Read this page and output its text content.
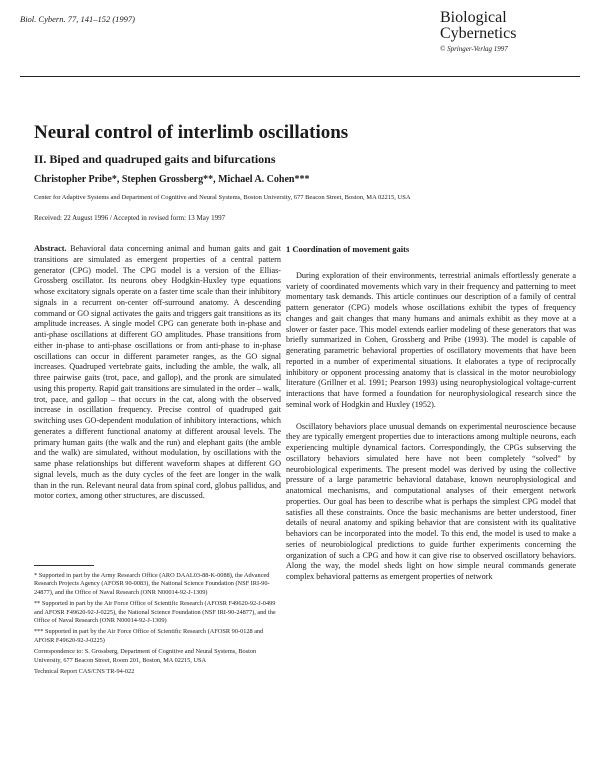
Biol. Cybern. 77, 141–152 (1997)	Biological
Cybernetics
© Springer-Verlag 1997
Neural control of interlimb oscillations
II. Biped and quadruped gaits and bifurcations
Christopher Pribe*, Stephen Grossberg**, Michael A. Cohen***
Center for Adaptive Systems and Department of Cognitive and Neural Systems, Boston University, 677 Beacon Street, Boston, MA 02215, USA
Received: 22 August 1996 / Accepted in revised form: 13 May 1997

Abstract. Behavioral data concerning animal and human gaits and gait transitions are simulated as emergent properties of a central pattern generator (CPG) model. The CPG model is a version of the Ellias-Grossberg oscillator. Its neurons obey Hodgkin-Huxley type equations whose excitatory signals operate on a faster time scale than their inhibitory signals in a recurrent on-center off-surround anatomy. A descending command or GO signal activates the gaits and triggers gait transitions as its amplitude increases. A single model CPG can generate both in-phase and anti-phase oscillations at different GO amplitudes. Phase transitions from either in-phase to anti-phase oscillations or from anti-phase to in-phase oscillations can occur in different parameter ranges, as the GO signal increases. Quadruped vertebrate gaits, including the amble, the walk, all three pairwise gaits (trot, pace, and gallop), and the pronk are simulated using this property. Rapid gait transitions are simulated in the order – walk, trot, pace, and gallop – that occurs in the cat, along with the observed increase in oscillation frequency. Precise control of quadruped gait switching uses GO-dependent modulation of inhibitory interactions, which generates a different functional anatomy at different arousal levels. The primary human gaits (the walk and the run) and elephant gaits (the amble and the walk) are simulated, without modulation, by oscillations with the same phase relationships but different waveform shapes at different GO signal levels, much as the duty cycles of the feet are longer in the walk than in the run. Relevant neural data from spinal cord, globus pallidus, and motor cortex, among other structures, are discussed.

1 Coordination of movement gaits

During exploration of their environments, terrestrial animals effortlessly generate a variety of coordinated movements which vary in their frequency and patterning to meet momentary task demands. This article continues our description of a family of central pattern generator (CPG) models whose oscillations exhibit the types of frequency changes and gait changes that many humans and animals exhibit as they move at a slower or faster pace. This model extends earlier modeling of these generators that was briefly summarized in Cohen, Grossberg and Pribe (1993). The model is capable of generating parametric behavioral properties of oscillatory movements that have been reported in a number of experimental situations. It elaborates a type of reciprocally inhibitory or opponent processing anatomy that is classical in the motor neurobiology literature (Grillner et al. 1991; Pearson 1993) using neurophysiological voltage-current interactions that have formed a foundation for neurophysiological research since the seminal work of Hodgkin and Huxley (1952).

Oscillatory behaviors place unusual demands on experimental neuroscience because they are typically emergent properties due to interactions among multiple neurons, each experiencing multiple dynamical factors. Correspondingly, the CPGs subserving the oscillatory behaviors simulated here have not been completely “solved” by neurobiological experiments. The present model was derived by using the collective pressure of a large parametric behavioral database, known neurophysiological and anatomical mechanisms, and computational analyses of their emergent network properties. Our goal has been to describe what is perhaps the simplest CPG model that satisfies all these constraints. Once the basic mechanisms are better understood, finer details of neural anatomy and spiking behavior that are consistent with its qualitative behaviors can be incorporated into the model. To this end, the model is used to make a series of neurobiological predictions to guide further experiments concerning the organization of such a CPG and how it can give rise to observed oscillatory behaviors. Along the way, the model sheds light on how simple neural commands generate complex behavioral patterns as emergent properties of network

* Supported in part by the Army Research Office (ARO DAAL03-88-K-0088), the Advanced Research Projects Agency (AFOSR 90-0083), the National Science Foundation (NSF IRI-90-24877), and the Office of Naval Research (ONR N00014-92-J-1309)

** Supported in part by the Air Force Office of Scientific Research (AFOSR F49620-92-J-0499 and AFOSR F49620-92-J-0225), the National Science Foundation (NSF IRI-90-24877), and the Office of Naval Research (ONR N00014-92-J-1309)

*** Supported in part by the Air Force Office of Scientific Research (AFOSR 90-0128 and AFOSR F49620-92-J-0225)

Correspondence to: S. Grossberg, Department of Cognitive and Neural Systems, Boston University, 677 Beacon Street, Room 201, Boston, MA 02215, USA

Technical Report CAS/CNS TR-94-022
